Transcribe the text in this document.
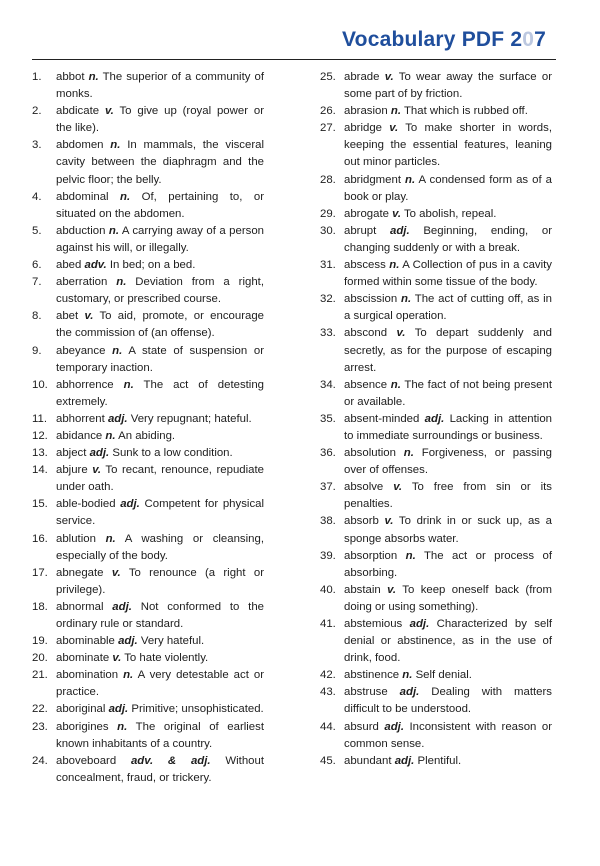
Vocabulary PDF 207
1.	abbot n. The superior of a community of monks.
2.	abdicate v. To give up (royal power or the like).
3.	abdomen n. In mammals, the visceral cavity between the diaphragm and the pelvic floor; the belly.
4.	abdominal n. Of, pertaining to, or situated on the abdomen.
5.	abduction n. A carrying away of a person against his will, or illegally.
6.	abed adv. In bed; on a bed.
7.	aberration n. Deviation from a right, customary, or prescribed course.
8.	abet v. To aid, promote, or encourage the commission of (an offense).
9.	abeyance n. A state of suspension or temporary inaction.
10. abhorrence n. The act of detesting extremely.
11. abhorrent adj. Very repugnant; hateful.
12. abidance n. An abiding.
13. abject adj. Sunk to a low condition.
14. abjure v. To recant, renounce, repudiate under oath.
15. able-bodied adj. Competent for physical service.
16. ablution n. A washing or cleansing, especially of the body.
17. abnegate v. To renounce (a right or privilege).
18. abnormal adj. Not conformed to the ordinary rule or standard.
19. abominable adj. Very hateful.
20. abominate v. To hate violently.
21. abomination n. A very detestable act or practice.
22. aboriginal adj. Primitive; unsophisticated.
23. aborigines n. The original of earliest known inhabitants of a country.
24. aboveboard adv. & adj. Without concealment, fraud, or trickery.
25. abrade v. To wear away the surface or some part of by friction.
26. abrasion n. That which is rubbed off.
27. abridge v. To make shorter in words, keeping the essential features, leaning out minor particles.
28. abridgment n. A condensed form as of a book or play.
29. abrogate v. To abolish, repeal.
30. abrupt adj. Beginning, ending, or changing suddenly or with a break.
31. abscess n. A Collection of pus in a cavity formed within some tissue of the body.
32. abscission n. The act of cutting off, as in a surgical operation.
33. abscond v. To depart suddenly and secretly, as for the purpose of escaping arrest.
34. absence n. The fact of not being present or available.
35. absent-minded adj. Lacking in attention to immediate surroundings or business.
36. absolution n. Forgiveness, or passing over of offenses.
37. absolve v. To free from sin or its penalties.
38. absorb v. To drink in or suck up, as a sponge absorbs water.
39. absorption n. The act or process of absorbing.
40. abstain v. To keep oneself back (from doing or using something).
41. abstemious adj. Characterized by self denial or abstinence, as in the use of drink, food.
42. abstinence n. Self denial.
43. abstruse adj. Dealing with matters difficult to be understood.
44. absurd adj. Inconsistent with reason or common sense.
45. abundant adj. Plentiful.
